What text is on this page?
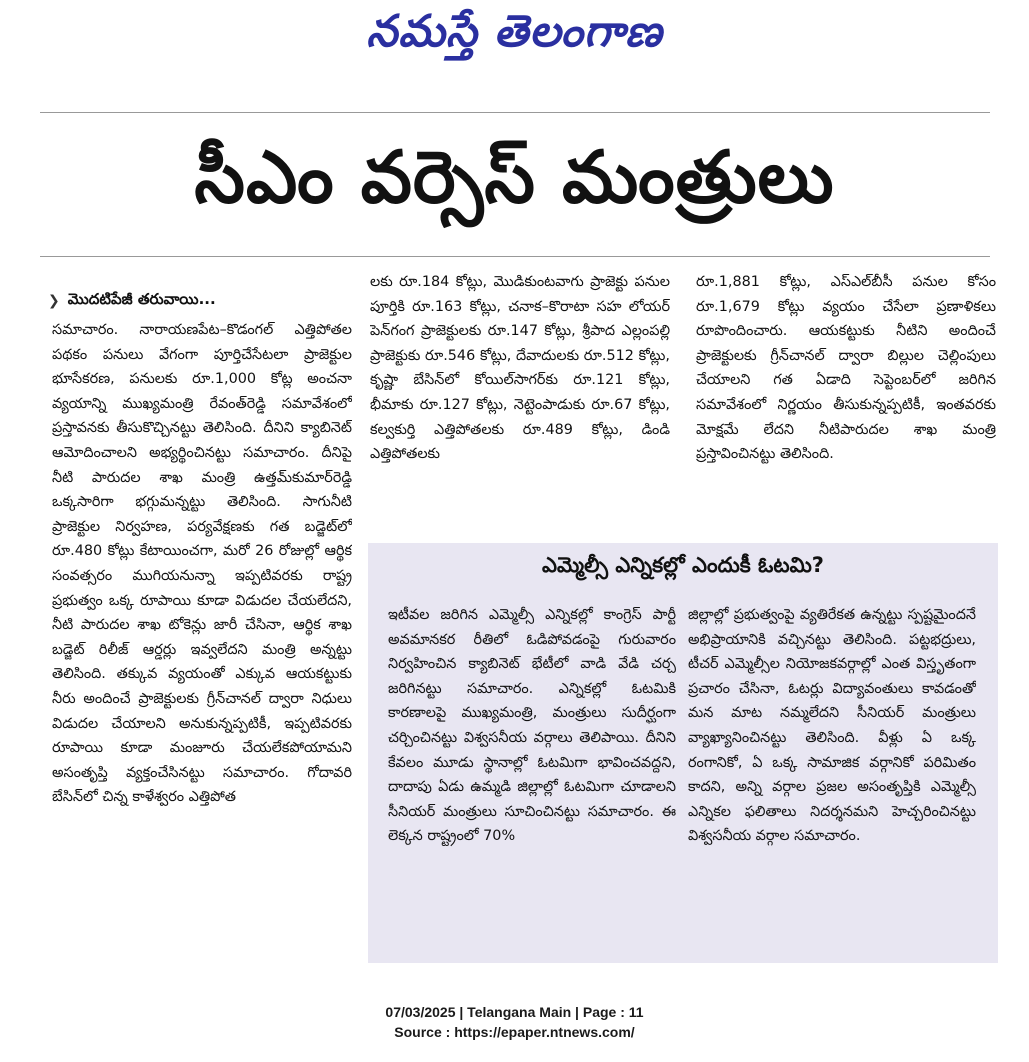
నమస్తే తెలంగాణ
సీఎం వర్సెస్ మంత్రులు
❯ మొదటిపేజీ తరువాయి...
సమాచారం. నారాయణపేట–కొడంగల్ ఎత్తిపోతల పథకం పనులు వేగంగా పూర్తిచేసేటలా ప్రాజెక్టుల భూసేకరణ, పనులకు రూ.1,000 కోట్ల అంచనా వ్యయాన్ని ముఖ్యమంత్రి రేవంత్‌రెడ్డి సమావేశంలో ప్రస్తావనకు తీసుకొచ్చినట్టు తెలిసింది. దీనిని క్యాబినెట్ ఆమోదించాలని అభ్యర్థించినట్టు సమాచారం. దీనిపై నీటి పారుదల శాఖ మంత్రి ఉత్తమ్‌కుమార్‌రెడ్డి ఒక్కసారిగా భగ్గుమన్నట్టు తెలిసింది. సాగునీటి ప్రాజెక్టుల నిర్వహణ, పర్యవేక్షణకు గత బడ్జెట్‌లో రూ.480 కోట్లు కేటాయించగా, మరో 26 రోజుల్లో ఆర్థిక సంవత్సరం ముగియనున్నా ఇప్పటివరకు రాష్ట్ర ప్రభుత్వం ఒక్క రూపాయి కూడా విడుదల చేయలేదని, నీటి పారుదల శాఖ టోకెన్లు జారీ చేసినా, ఆర్థిక శాఖ బడ్జెట్ రిలీజ్ ఆర్డర్లు ఇవ్వలేదని మంత్రి అన్నట్టు తెలిసింది. తక్కువ వ్యయంతో ఎక్కువ ఆయకట్టుకు నీరు అందించే ప్రాజెక్టులకు గ్రీన్‌చానల్ ద్వారా నిధులు విడుదల చేయాలని అనుకున్నప్పటికీ, ఇప్పటివరకు రూపాయి కూడా మంజూరు చేయలేకపోయామని అసంతృప్తి వ్యక్తంచేసినట్టు సమాచారం. గోదావరి బేసిన్‌లో చిన్న కాళేశ్వరం ఎత్తిపోత
లకు రూ.184 కోట్లు, మొడికుంటవాగు ప్రాజెక్టు పనుల పూర్తికి రూ.163 కోట్లు, చనాక–కొరాటా సహ లోయర్ పెన్‌గంగ ప్రాజెక్టులకు రూ.147 కోట్లు, శ్రీపాద ఎల్లంపల్లి ప్రాజెక్టుకు రూ.546 కోట్లు, దేవాదులకు రూ.512 కోట్లు, కృష్ణా బేసిన్‌లో కోయిల్‌సాగర్‌కు రూ.121 కోట్లు, భీమాకు రూ.127 కోట్లు, నెట్టెంపాడుకు రూ.67 కోట్లు, కల్వకుర్తి ఎత్తిపోతలకు రూ.489 కోట్లు, డిండి ఎత్తిపోతలకు
రూ.1,881 కోట్లు, ఎస్‌ఎల్‌బీసీ పనుల కోసం రూ.1,679 కోట్లు వ్యయం చేసేలా ప్రణాళికలు రూపొందించారు. ఆయకట్టుకు నీటిని అందించే ప్రాజెక్టులకు గ్రీన్‌చానల్ ద్వారా బిల్లుల చెల్లింపులు చేయాలని గత ఏడాది సెప్టెంబర్‌లో జరిగిన సమావేశంలో నిర్ణయం తీసుకున్నప్పటికీ, ఇంతవరకు మోక్షమే లేదని నీటిపారుదల శాఖ మంత్రి ప్రస్తావించినట్టు తెలిసింది.
ఎమ్మెల్సీ ఎన్నికల్లో ఎందుకీ ఓటమి?
ఇటీవల జరిగిన ఎమ్మెల్సీ ఎన్నికల్లో కాంగ్రెస్ పార్టీ అవమానకర రీతిలో ఓడిపోవడంపై గురువారం నిర్వహించిన క్యాబినెట్ భేటీలో వాడి వేడి చర్చ జరిగినట్టు సమాచారం. ఎన్నికల్లో ఓటమికి కారణాలపై ముఖ్యమంత్రి, మంత్రులు సుదీర్ఘంగా చర్చించినట్టు విశ్వసనీయ వర్గాలు తెలిపాయి. దీనిని కేవలం మూడు స్థానాల్లో ఓటమిగా భావించవద్దని, దాదాపు ఏడు ఉమ్మడి జిల్లాల్లో ఓటమిగా చూడాలని సీనియర్ మంత్రులు సూచించినట్టు సమాచారం. ఈ లెక్కన రాష్ట్రంలో 70%
జిల్లాల్లో ప్రభుత్వంపై వ్యతిరేకత ఉన్నట్టు స్పష్టమైందనే అభిప్రాయానికి వచ్చినట్టు తెలిసింది. పట్టభద్రులు, టీచర్ ఎమ్మెల్సీల నియోజకవర్గాల్లో ఎంత విస్తృతంగా ప్రచారం చేసినా, ఓటర్లు విద్యావంతులు కావడంతో మన మాట నమ్మలేదని సీనియర్ మంత్రులు వ్యాఖ్యానించినట్టు తెలిసింది. వీళ్లు ఏ ఒక్క రంగానికో, ఏ ఒక్క సామాజిక వర్గానికో పరిమితం కాదని, అన్ని వర్గాల ప్రజల అసంతృప్తికి ఎమ్మెల్సీ ఎన్నికల ఫలితాలు నిదర్శనమని హెచ్చరించినట్టు విశ్వసనీయ వర్గాల సమాచారం.
07/03/2025 | Telangana Main | Page : 11
Source : https://epaper.ntnews.com/
